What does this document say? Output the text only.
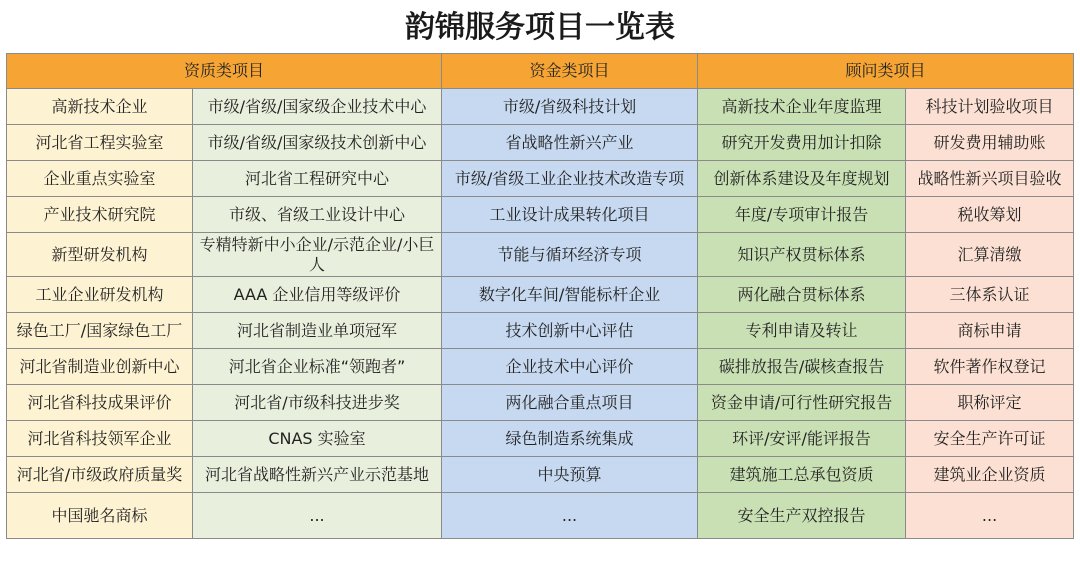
韵锦服务项目一览表
资质类项目		资金类项目	顾问类项目	
高新技术企业	市级/省级/国家级企业技术中心	市级/省级科技计划	高新技术企业年度监理	科技计划验收项目
河北省工程实验室	市级/省级/国家级技术创新中心	省战略性新兴产业	研究开发费用加计扣除	研发费用辅助账
企业重点实验室	河北省工程研究中心	市级/省级工业企业技术改造专项	创新体系建设及年度规划	战略性新兴项目验收
产业技术研究院	市级、省级工业设计中心	工业设计成果转化项目	年度/专项审计报告	税收筹划
新型研发机构	专精特新中小企业/示范企业/小巨人	节能与循环经济专项	知识产权贯标体系	汇算清缴
工业企业研发机构	AAA 企业信用等级评价	数字化车间/智能标杆企业	两化融合贯标体系	三体系认证
绿色工厂/国家绿色工厂	河北省制造业单项冠军	技术创新中心评估	专利申请及转让	商标申请
河北省制造业创新中心	河北省企业标准“领跑者”	企业技术中心评价	碳排放报告/碳核查报告	软件著作权登记
河北省科技成果评价	河北省/市级科技进步奖	两化融合重点项目	资金申请/可行性研究报告	职称评定
河北省科技领军企业	CNAS 实验室	绿色制造系统集成	环评/安评/能评报告	安全生产许可证
河北省/市级政府质量奖	河北省战略性新兴产业示范基地	中央预算	建筑施工总承包资质	建筑业企业资质
中国驰名商标	...	...	安全生产双控报告	...
